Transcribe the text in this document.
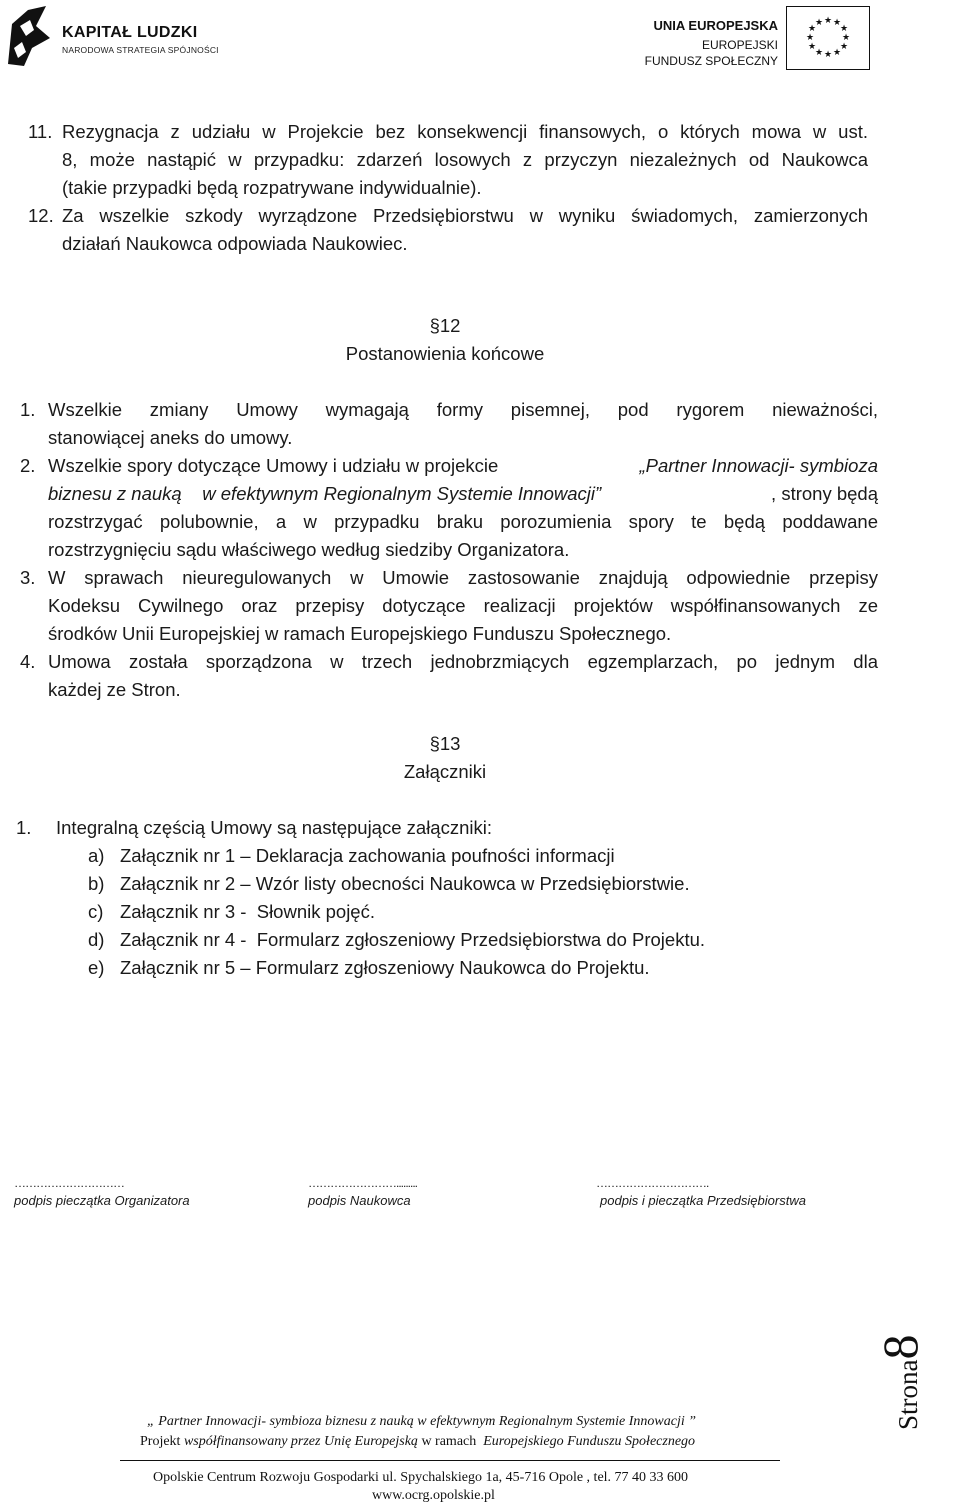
KAPITAŁ LUDZKI
NARODOWA STRATEGIA SPÓJNOŚCI
UNIA EUROPEJSKA
EUROPEJSKI
FUNDUSZ SPOŁECZNY
★ ★
★
★
★
★
★
★
★
★
★
★
11. Rezygnacja z udziału w Projekcie bez konsekwencji finansowych, o których mowa w ust.
8, może nastąpić w przypadku: zdarzeń losowych z przyczyn niezależnych od Naukowca
(takie przypadki będą rozpatrywane indywidualnie).
12. Za wszelkie szkody wyrządzone Przedsiębiorstwu w wyniku świadomych, zamierzonych
działań Naukowca odpowiada Naukowiec.
§12
Postanowienia końcowe
1. Wszelkie zmiany Umowy wymagają formy pisemnej, pod rygorem nieważności,
stanowiącej aneks do umowy.
2. Wszelkie spory dotyczące Umowy i udziału w projekcie	„Partner Innowacji- symbioza
biznesu z nauką    w efektywnym Regionalnym Systemie Innowacji”	, strony będą
rozstrzygać polubownie, a w przypadku braku porozumienia spory te będą poddawane
rozstrzygnięciu sądu właściwego według siedziby Organizatora.
3. W sprawach nieuregulowanych w Umowie zastosowanie znajdują odpowiednie przepisy
Kodeksu Cywilnego oraz przepisy dotyczące realizacji projektów współfinansowanych ze
środków Unii Europejskiej w ramach Europejskiego Funduszu Społecznego.
4. Umowa została sporządzona w trzech jednobrzmiących egzemplarzach, po jednym dla
każdej ze Stron.
§13
Załączniki
1.	Integralną częścią Umowy są następujące załączniki:
a) Załącznik nr 1 – Deklaracja zachowania poufności informacji
b) Załącznik nr 2 – Wzór listy obecności Naukowca w Przedsiębiorstwie.
c) Załącznik nr 3 -  Słownik pojęć.
d) Załącznik nr 4 -  Formularz zgłoszeniowy Przedsiębiorstwa do Projektu.
e) Załącznik nr 5 – Formularz zgłoszeniowy Naukowca do Projektu.
…………………………
podpis pieczątka Organizatora
…………………….........
podpis Naukowca
………………………….
podpis i pieczątka Przedsiębiorstwa
Strona8
„ Partner Innowacji- symbioza biznesu z nauką w efektywnym Regionalnym Systemie Innowacji ”
Projekt współfinansowany przez Unię Europejską w ramach  Europejskiego Funduszu Społecznego
Opolskie Centrum Rozwoju Gospodarki ul. Spychalskiego 1a, 45-716 Opole , tel. 77 40 33 600
www.ocrg.opolskie.pl
